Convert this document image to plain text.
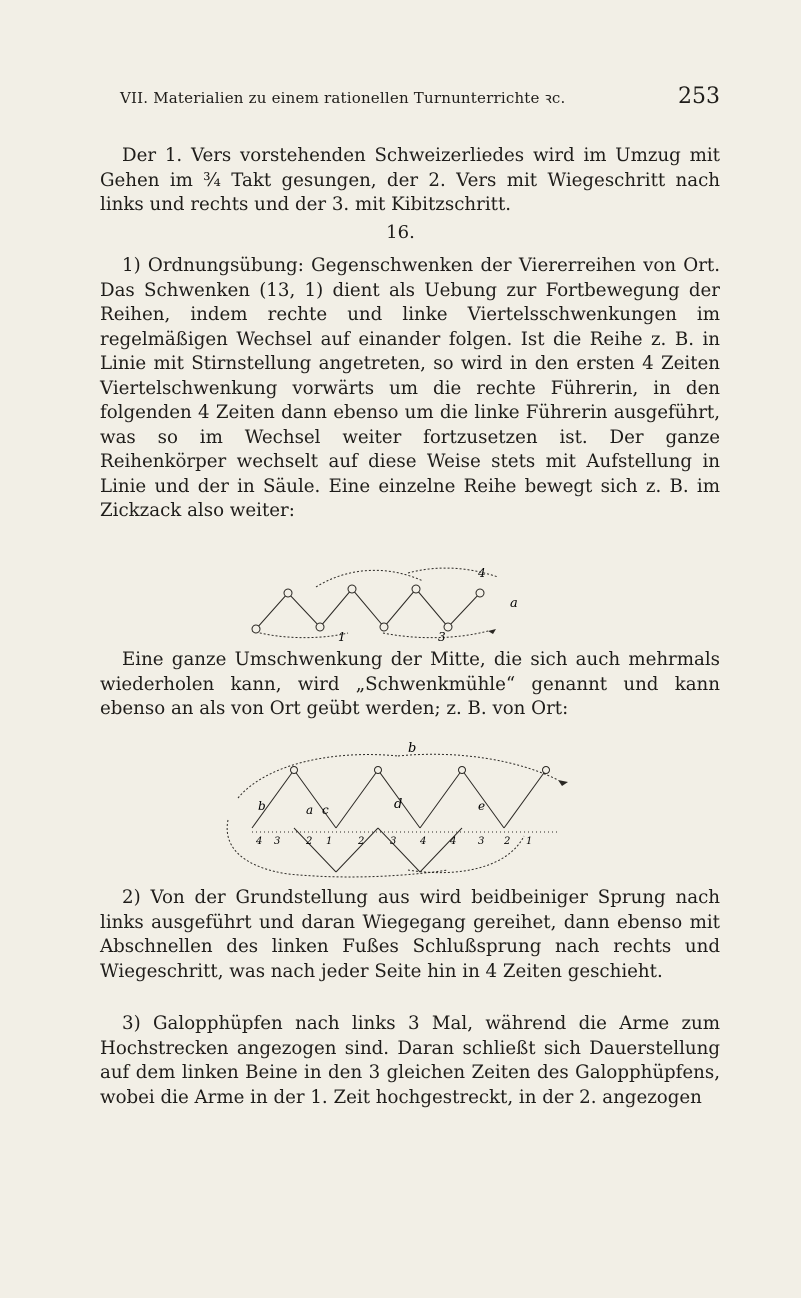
VII. Materialien zu einem rationellen Turnunterrichte ꝛc.	253

Der 1. Vers vorstehenden Schweizerliedes wird im Umzug mit Gehen im ¾ Takt gesungen, der 2. Vers mit Wiegeschritt nach links und rechts und der 3. mit Kibitzschritt.

16.

1) Ordnungsübung: Gegenschwenken der Viererreihen von Ort. Das Schwenken (13, 1) dient als Uebung zur Fortbewegung der Reihen, indem rechte und linke Viertelsschwenkungen im regelmäßigen Wechsel auf einander folgen. Ist die Reihe z. B. in Linie mit Stirnstellung angetreten, so wird in den ersten 4 Zeiten Viertelschwenkung vorwärts um die rechte Führerin, in den folgenden 4 Zeiten dann ebenso um die linke Führerin ausgeführt, was so im Wechsel weiter fortzusetzen ist. Der ganze Reihenkörper wechselt auf diese Weise stets mit Aufstellung in Linie und der in Säule. Eine einzelne Reihe bewegt sich z. B. im Zickzack also weiter:

a
1	3
4

Eine ganze Umschwenkung der Mitte, die sich auch mehrmals wiederholen kann, wird „Schwenkmühle“ genannt und kann ebenso an als von Ort geübt werden; z. B. von Ort:

b
b	a c	d	e
4 3	2 1	2	3 4 4 3 2 1

2) Von der Grundstellung aus wird beidbeiniger Sprung nach links ausgeführt und daran Wiegegang gereihet, dann ebenso mit Abschnellen des linken Fußes Schlußsprung nach rechts und Wiegeschritt, was nach jeder Seite hin in 4 Zeiten geschieht.

3) Galopphüpfen nach links 3 Mal, während die Arme zum Hochstrecken angezogen sind. Daran schließt sich Dauerstellung auf dem linken Beine in den 3 gleichen Zeiten des Galopphüpfens, wobei die Arme in der 1. Zeit hochgestreckt, in der 2. angezogen
